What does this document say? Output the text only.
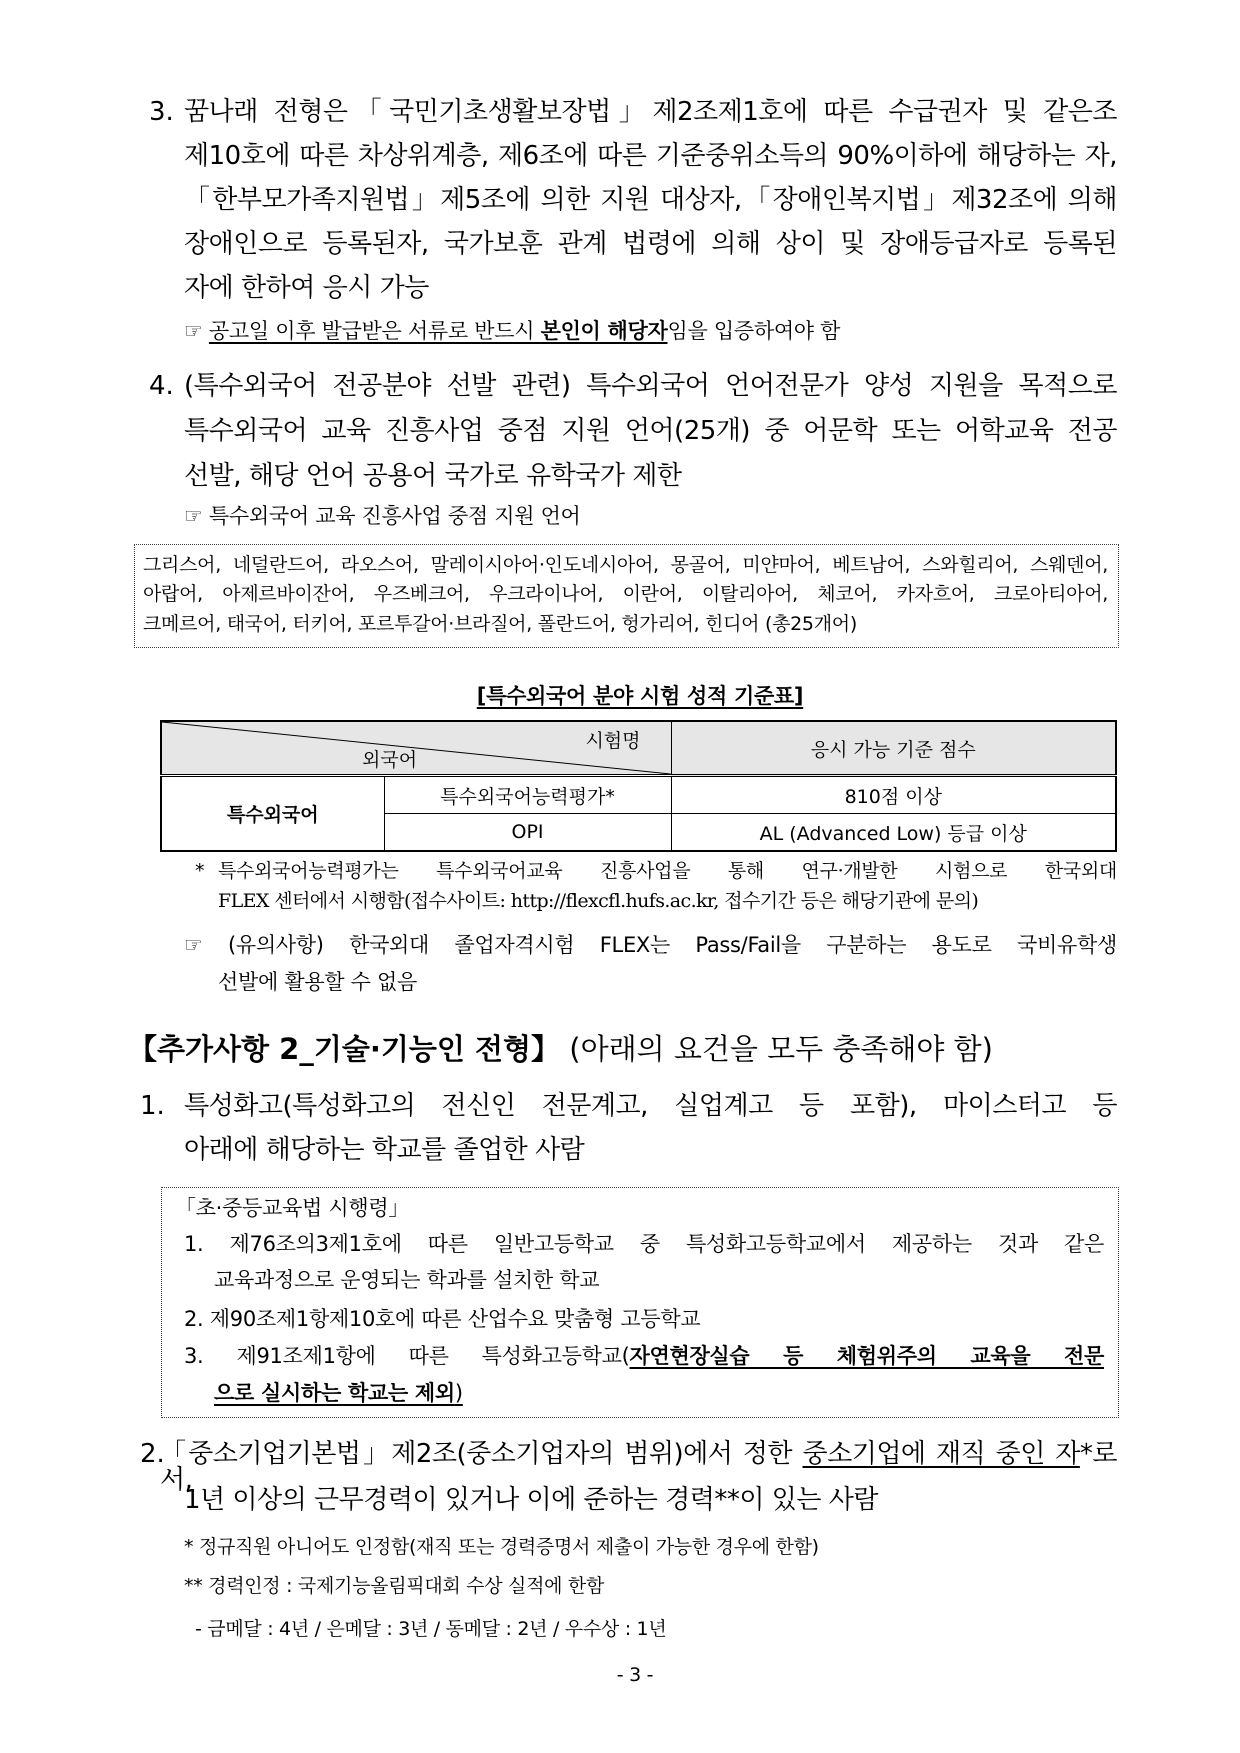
3. 꿈나래 전형은「국민기초생활보장법」제2조제1호에 따른 수급권자 및 같은조
제10호에 따른 차상위계층, 제6조에 따른 기준중위소득의 90%이하에 해당하는 자,
「한부모가족지원법」제5조에 의한 지원 대상자,「장애인복지법」제32조에 의해
장애인으로 등록된자, 국가보훈 관계 법령에 의해 상이 및 장애등급자로 등록된
자에 한하여 응시 가능
☞ 공고일 이후 발급받은 서류로 반드시 본인이 해당자임을 입증하여야 함
4. (특수외국어 전공분야 선발 관련) 특수외국어 언어전문가 양성 지원을 목적으로
특수외국어 교육 진흥사업 중점 지원 언어(25개) 중 어문학 또는 어학교육 전공
선발, 해당 언어 공용어 국가로 유학국가 제한
☞ 특수외국어 교육 진흥사업 중점 지원 언어
그리스어, 네덜란드어, 라오스어, 말레이시아어·인도네시아어, 몽골어, 미얀마어, 베트남어, 스와힐리어, 스웨덴어,
아랍어, 아제르바이잔어, 우즈베크어, 우크라이나어, 이란어, 이탈리아어, 체코어, 카자흐어, 크로아티아어,
크메르어, 태국어, 터키어, 포르투갈어·브라질어, 폴란드어, 헝가리어, 힌디어 (총25개어)
[특수외국어 분야 시험 성적 기준표]
시험명
외국어		응시 가능 기준 점수
특수외국어	특수외국어능력평가*	810점 이상
	OPI	AL (Advanced Low) 등급 이상
* 특수외국어능력평가는 특수외국어교육 진흥사업을 통해 연구·개발한 시험으로 한국외대
FLEX 센터에서 시행함(접수사이트: http://flexcfl.hufs.ac.kr, 접수기간 등은 해당기관에 문의)
☞ (유의사항) 한국외대 졸업자격시험 FLEX는 Pass/Fail을 구분하는 용도로 국비유학생
선발에 활용할 수 없음
【추가사항 2_기술·기능인 전형】 (아래의 요건을 모두 충족해야 함)
1. 특성화고(특성화고의 전신인 전문계고, 실업계고 등 포함), 마이스터고 등
아래에 해당하는 학교를 졸업한 사람
「초·중등교육법 시행령」
1. 제76조의3제1호에 따른 일반고등학교 중 특성화고등학교에서 제공하는 것과 같은
교육과정으로 운영되는 학과를 설치한 학교
2. 제90조제1항제10호에 따른 산업수요 맞춤형 고등학교
3. 제91조제1항에 따른 특성화고등학교(자연현장실습 등 체험위주의 교육을 전문
으로 실시하는 학교는 제외)
2.
「중소기업기본법」제2조(중소기업자의 범위)에서 정한 중소기업에 재직 중인 자*로서,
1년 이상의 근무경력이 있거나 이에 준하는 경력**이 있는 사람
* 정규직원 아니어도 인정함(재직 또는 경력증명서 제출이 가능한 경우에 한함)
** 경력인정 : 국제기능올림픽대회 수상 실적에 한함
- 금메달 : 4년 / 은메달 : 3년 / 동메달 : 2년 / 우수상 : 1년
- 3 -
